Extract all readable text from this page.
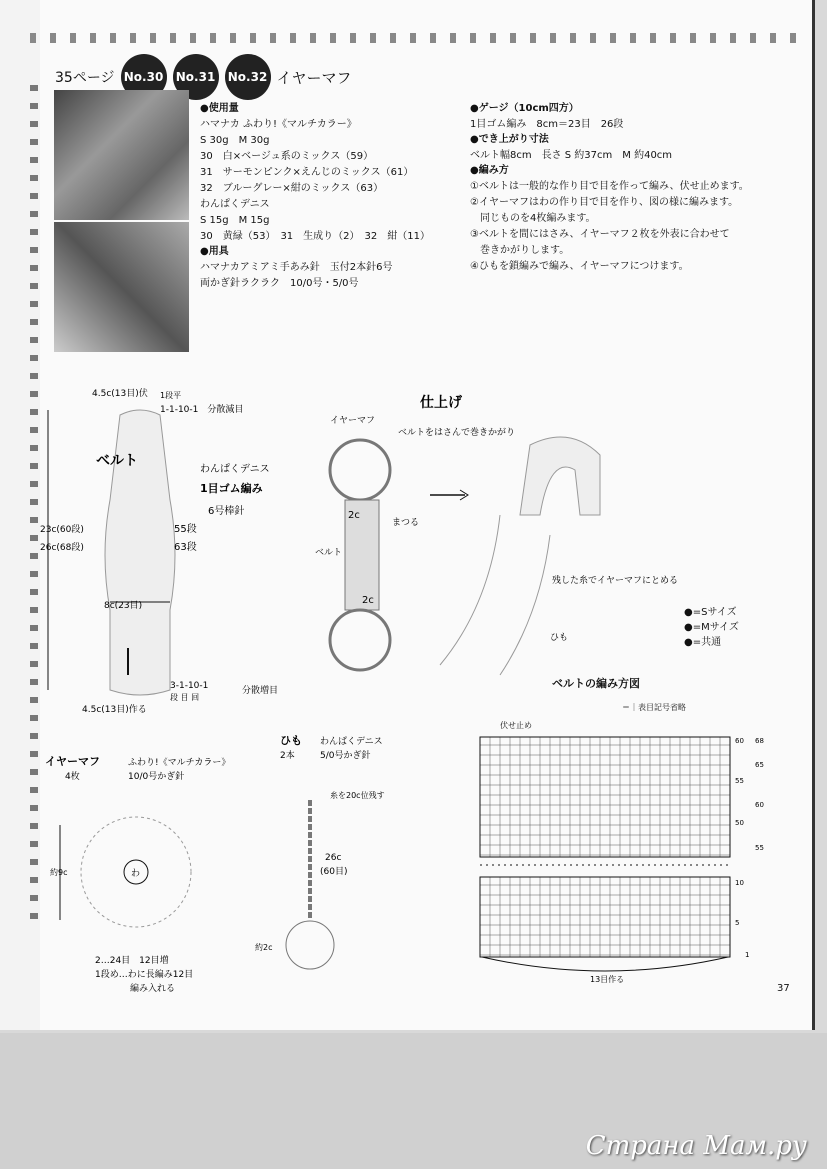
35ページ No.30 No.31 No.32 イヤーマフ
●使用量
ハマナカ ふわり!《マルチカラー》
S 30g　M 30g
30　白×ベージュ系のミックス（59）
31　サーモンピンク×えんじのミックス（61）
32　ブルーグレー×紺のミックス（63）
わんぱくデニス
S 15g　M 15g
30　黄緑（53）　31　生成り（2）　32　紺（11）
●用具
ハマナカアミアミ手あみ針　玉付2本針6号
両かぎ針ラクラク　10/0号・5/0号
●ゲージ（10cm四方）
1目ゴム編み　8cm＝23目　26段
●でき上がり寸法
ベルト幅8cm　長さ S 約37cm　M 約40cm
●編み方
①ベルトは一般的な作り目で目を作って編み、伏せ止めます。
②イヤーマフはわの作り目で目を作り、図の様に編みます。
　同じものを4枚編みます。
③ベルトを間にはさみ、イヤーマフ２枚を外表に合わせて
　巻きかがりします。
④ひもを鎖編みで編み、イヤーマフにつけます。
4.5c(13目)伏 1段平
1-1-10-1　分散減目
ベルト
わんぱくデニス
1目ゴム編み
6号棒針
23c(60段)
26c(68段)
55段
63段
8c(23目)
3-1-10-1
段 目 回
分散増目
4.5c(13目)作る
仕上げ
イヤーマフ
ベルトをはさんで巻きかがり
2c
2c
ベルト
まつる
残した糸でイヤーマフにとめる
ひも
●=Sサイズ
●=Mサイズ
●=共通
イヤーマフ
4枚
ふわり!《マルチカラー》
10/0号かぎ針
約9c	わ
2…24目　12目増
1段め…わに長編み12目
編み入れる
ひも
2本
わんぱくデニス
5/0号かぎ針
糸を20c位残す
26c
(60目)
約2c
ベルトの編み方図
＝｜表目記号省略
伏せ止め
60
55
50
10
5
1
68
65
60
55
13目作る
37
Страна Мам.ру
